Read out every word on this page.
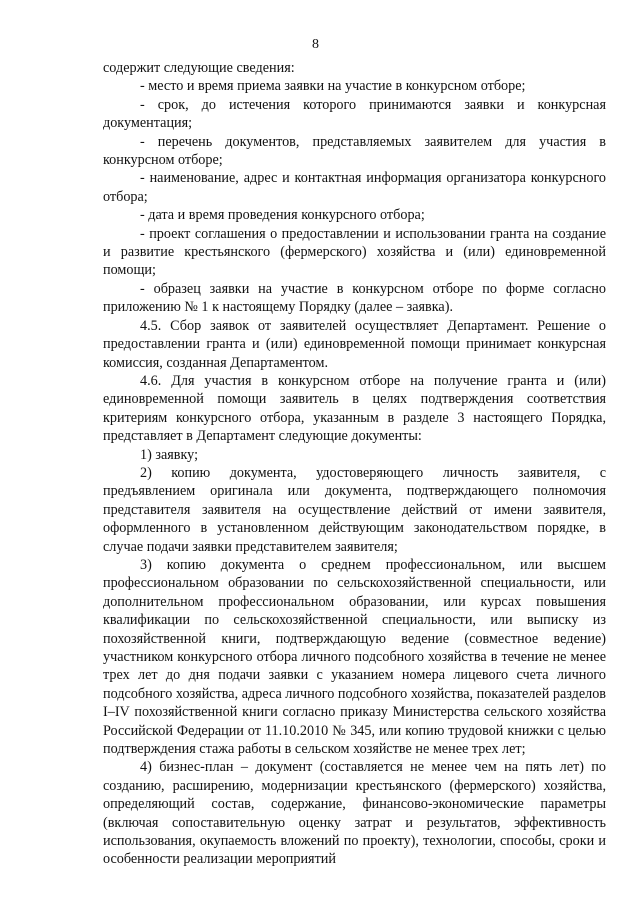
8

содержит следующие сведения:

- место и время приема заявки на участие в конкурсном отборе;

- срок, до истечения которого принимаются заявки и конкурсная документация;

- перечень документов, представляемых заявителем для участия в конкурсном отборе;

- наименование, адрес и контактная информация организатора конкурсного отбора;

- дата и время проведения конкурсного отбора;

- проект соглашения о предоставлении и использовании гранта на создание и развитие крестьянского (фермерского) хозяйства и (или) единовременной помощи;

- образец заявки на участие в конкурсном отборе по форме согласно приложению № 1 к настоящему Порядку (далее – заявка).

4.5. Сбор заявок от заявителей осуществляет Департамент. Решение о предоставлении гранта и (или) единовременной помощи принимает конкурсная комиссия, созданная Департаментом.

4.6. Для участия в конкурсном отборе на получение гранта и (или) единовременной помощи заявитель в целях подтверждения соответствия критериям конкурсного отбора, указанным в разделе 3 настоящего Порядка, представляет в Департамент следующие документы:

1) заявку;

2) копию документа, удостоверяющего личность заявителя, с предъявлением оригинала или документа, подтверждающего полномочия представителя заявителя на осуществление действий от имени заявителя, оформленного в установленном действующим законодательством порядке, в случае подачи заявки представителем заявителя;

3) копию документа о среднем профессиональном, или высшем профессиональном образовании по сельскохозяйственной специальности, или дополнительном профессиональном образовании, или курсах повышения квалификации по сельскохозяйственной специальности, или выписку из похозяйственной книги, подтверждающую ведение (совместное ведение) участником конкурсного отбора личного подсобного хозяйства в течение не менее трех лет до дня подачи заявки с указанием номера лицевого счета личного подсобного хозяйства, адреса личного подсобного хозяйства, показателей разделов I–IV похозяйственной книги согласно приказу Министерства сельского хозяйства Российской Федерации от 11.10.2010 № 345, или копию трудовой книжки с целью подтверждения стажа работы в сельском хозяйстве не менее трех лет;

4) бизнес-план – документ (составляется не менее чем на пять лет) по созданию, расширению, модернизации крестьянского (фермерского) хозяйства, определяющий состав, содержание, финансово-экономические параметры (включая сопоставительную оценку затрат и результатов, эффективность использования, окупаемость вложений по проекту), технологии, способы, сроки и особенности реализации мероприятий
